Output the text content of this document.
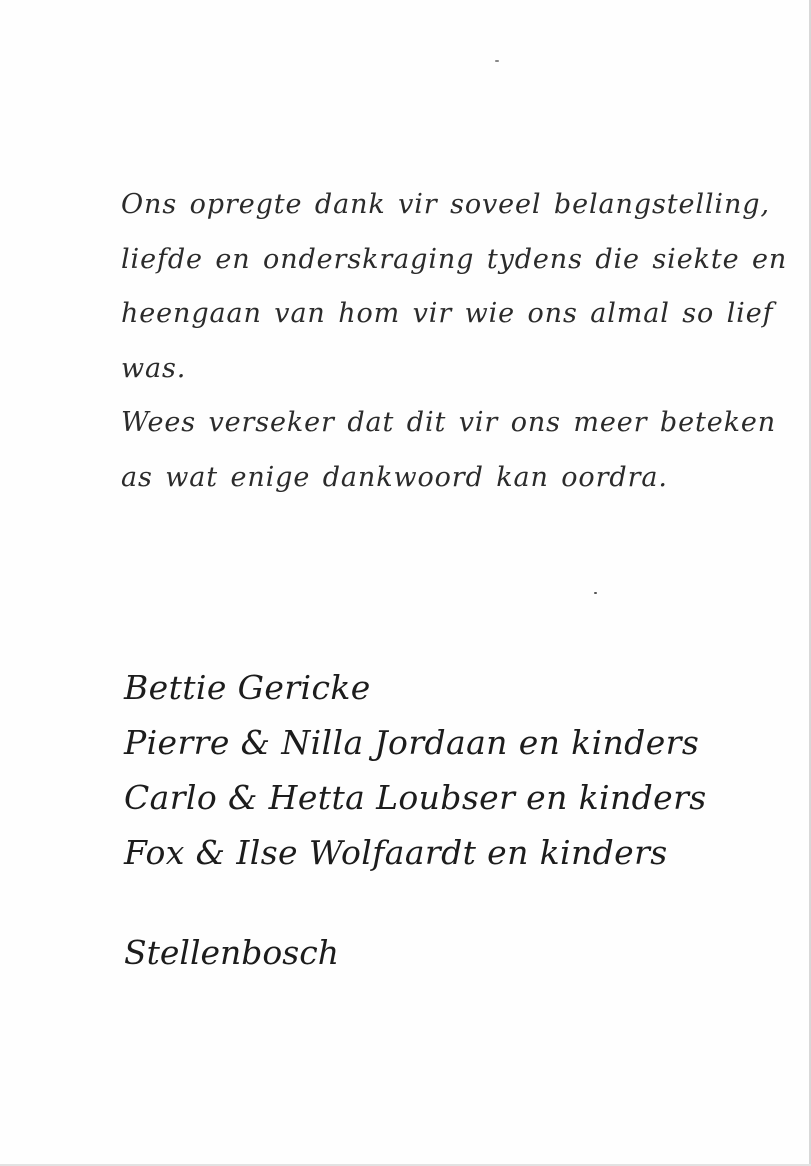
Ons opregte dank vir soveel belangstelling,
liefde en onderskraging tydens die siekte en
heengaan van hom vir wie ons almal so lief
was.
Wees verseker dat dit vir ons meer beteken
as wat enige dankwoord kan oordra.
Bettie Gericke
Pierre & Nilla Jordaan en kinders
Carlo & Hetta Loubser en kinders
Fox & Ilse Wolfaardt en kinders
Stellenbosch
